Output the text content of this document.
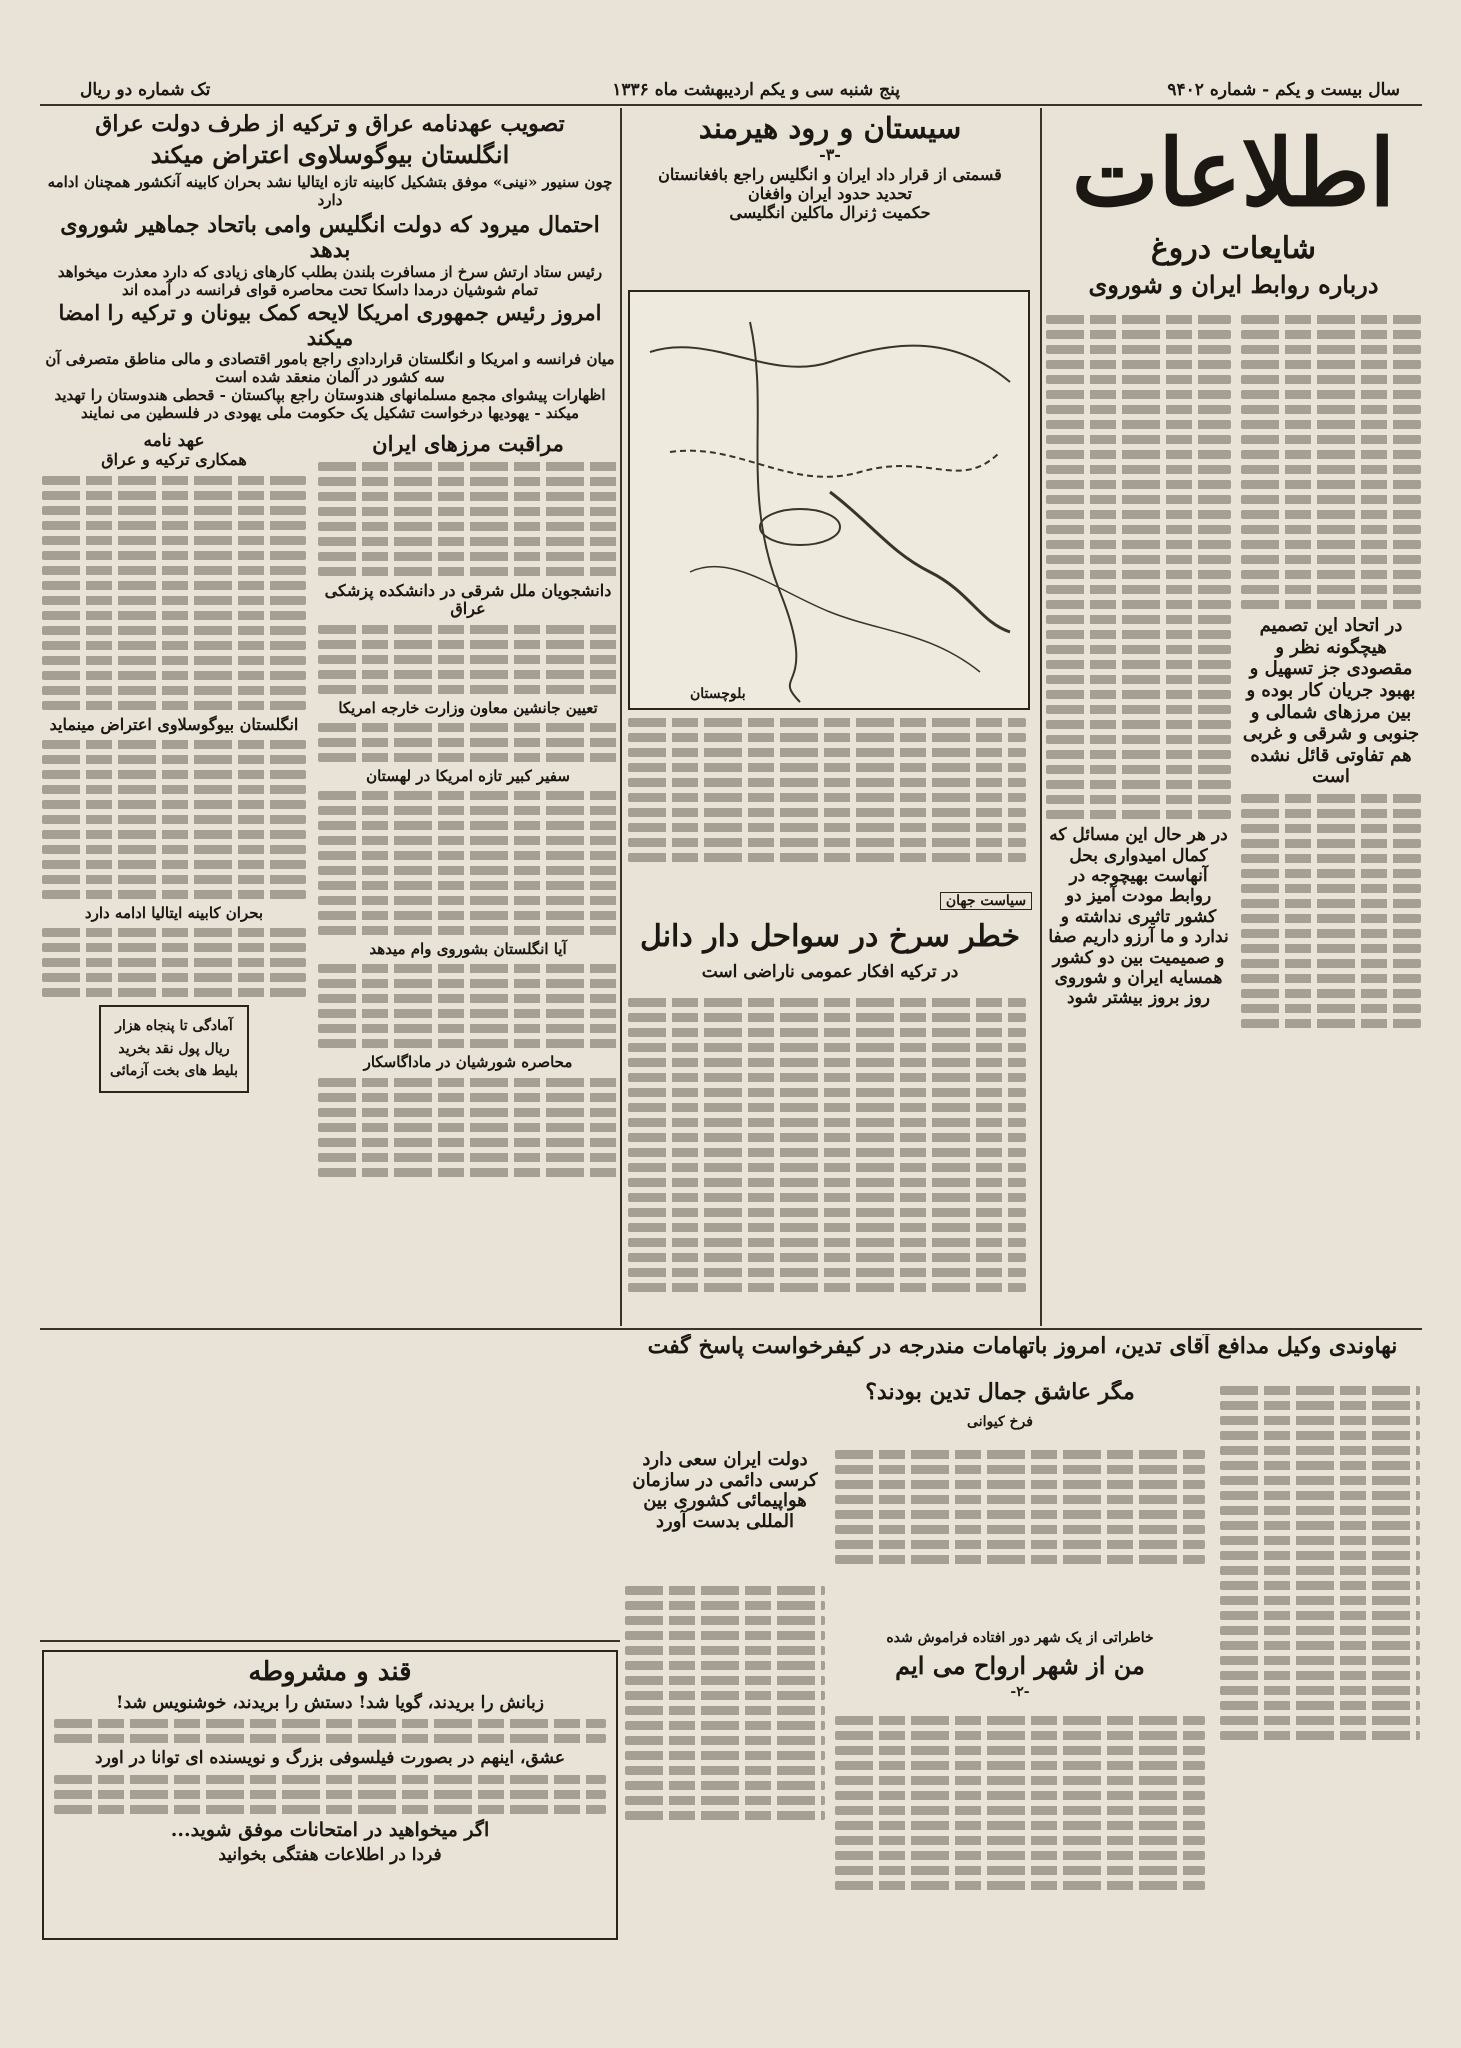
سال بیست و یکم - شماره ۹۴۰۲
پنج شنبه سی و یکم اردیبهشت ماه ۱۳۳۶
تک شماره دو ریال
اطلاعات
شایعات دروغ
درباره روابط ایران و شوروی
در اتحاد این تصمیم هیچگونه نظر و مقصودی جز تسهیل و بهبود جریان کار بوده و بین مرزهای شمالی و جنوبی و شرقی و غربی هم تفاوتی قائل نشده است
در هر حال این مسائل که کمال امیدواری بحل آنهاست بهیچوجه در روابط مودت آمیز دو کشور تاثیری نداشته و ندارد و ما آرزو داریم صفا و صمیمیت بین دو کشور همسایه ایران و شوروی روز بروز بیشتر شود
سیستان و رود هیرمند
-۳-
قسمتی از قرار داد ایران و انگلیس راجع بافغانستان
تحدید حدود ایران وافغان
حکمیت ژنرال ماکلین انگلیسی
بلوچستان
سیاست جهان
خطر سرخ در سواحل دار دانل
در ترکیه افکار عمومی ناراضی است
تصویب عهدنامه عراق و ترکیه از طرف دولت عراق
انگلستان بیوگوسلاوی اعتراض میکند
چون سنیور «نینی» موفق بتشکیل کابینه تازه ایتالیا نشد بحران کابینه آنکشور همچنان ادامه دارد
احتمال میرود که دولت انگلیس وامی باتحاد جماهیر شوروی بدهد
رئیس ستاد ارتش سرخ از مسافرت بلندن بطلب کارهای زیادی که دارد معذرت میخواهد
تمام شوشیان درمدا داسکا تحت محاصره قوای فرانسه در آمده اند
امروز رئیس جمهوری امریکا لایحه کمک بیونان و ترکیه را امضا میکند
میان فرانسه و امریکا و انگلستان قراردادی راجع بامور اقتصادی و مالی مناطق متصرفی آن سه کشور در آلمان منعقد شده است
اظهارات پیشوای مجمع مسلمانهای هندوستان راجع بپاکستان - قحطی هندوستان را تهدید میکند - یهودیها درخواست تشکیل یک حکومت ملی یهودی در فلسطین می نمایند
مراقبت مرزهای ایران
دانشجویان ملل شرقی در دانشکده پزشکی عراق
تعیین جانشین معاون وزارت خارجه امریکا
سفیر کبیر تازه امریکا در لهستان
آیا انگلستان بشوروی وام میدهد
محاصره شورشیان در ماداگاسکار
عهد نامه
همکاری ترکیه و عراق
انگلستان بیوگوسلاوی اعتراض مینماید
بحران کابینه ایتالیا ادامه دارد
آمادگی تا پنجاه هزار ریال پول نقد بخرید بلیط های بخت آزمائی
نهاوندی وکیل مدافع آقای تدین، امروز باتهامات مندرجه در کیفرخواست پاسخ گفت
مگر عاشق جمال تدین بودند؟
فرخ کیوانی
دولت ایران سعی دارد کرسی دائمی در سازمان هواپیمائی کشوری بین المللی بدست آورد
خاطراتی از یک شهر دور افتاده فراموش شده
من از شهر ارواح می ایم
-۲-
قند و مشروطه
زبانش را بریدند، گویا شد! دستش را بریدند، خوشنویس شد!
عشق، اینهم در بصورت فیلسوفی بزرگ و نویسنده ای توانا در اورد
اگر میخواهید در امتحانات موفق شوید...
فردا در اطلاعات هفتگی بخوانید
